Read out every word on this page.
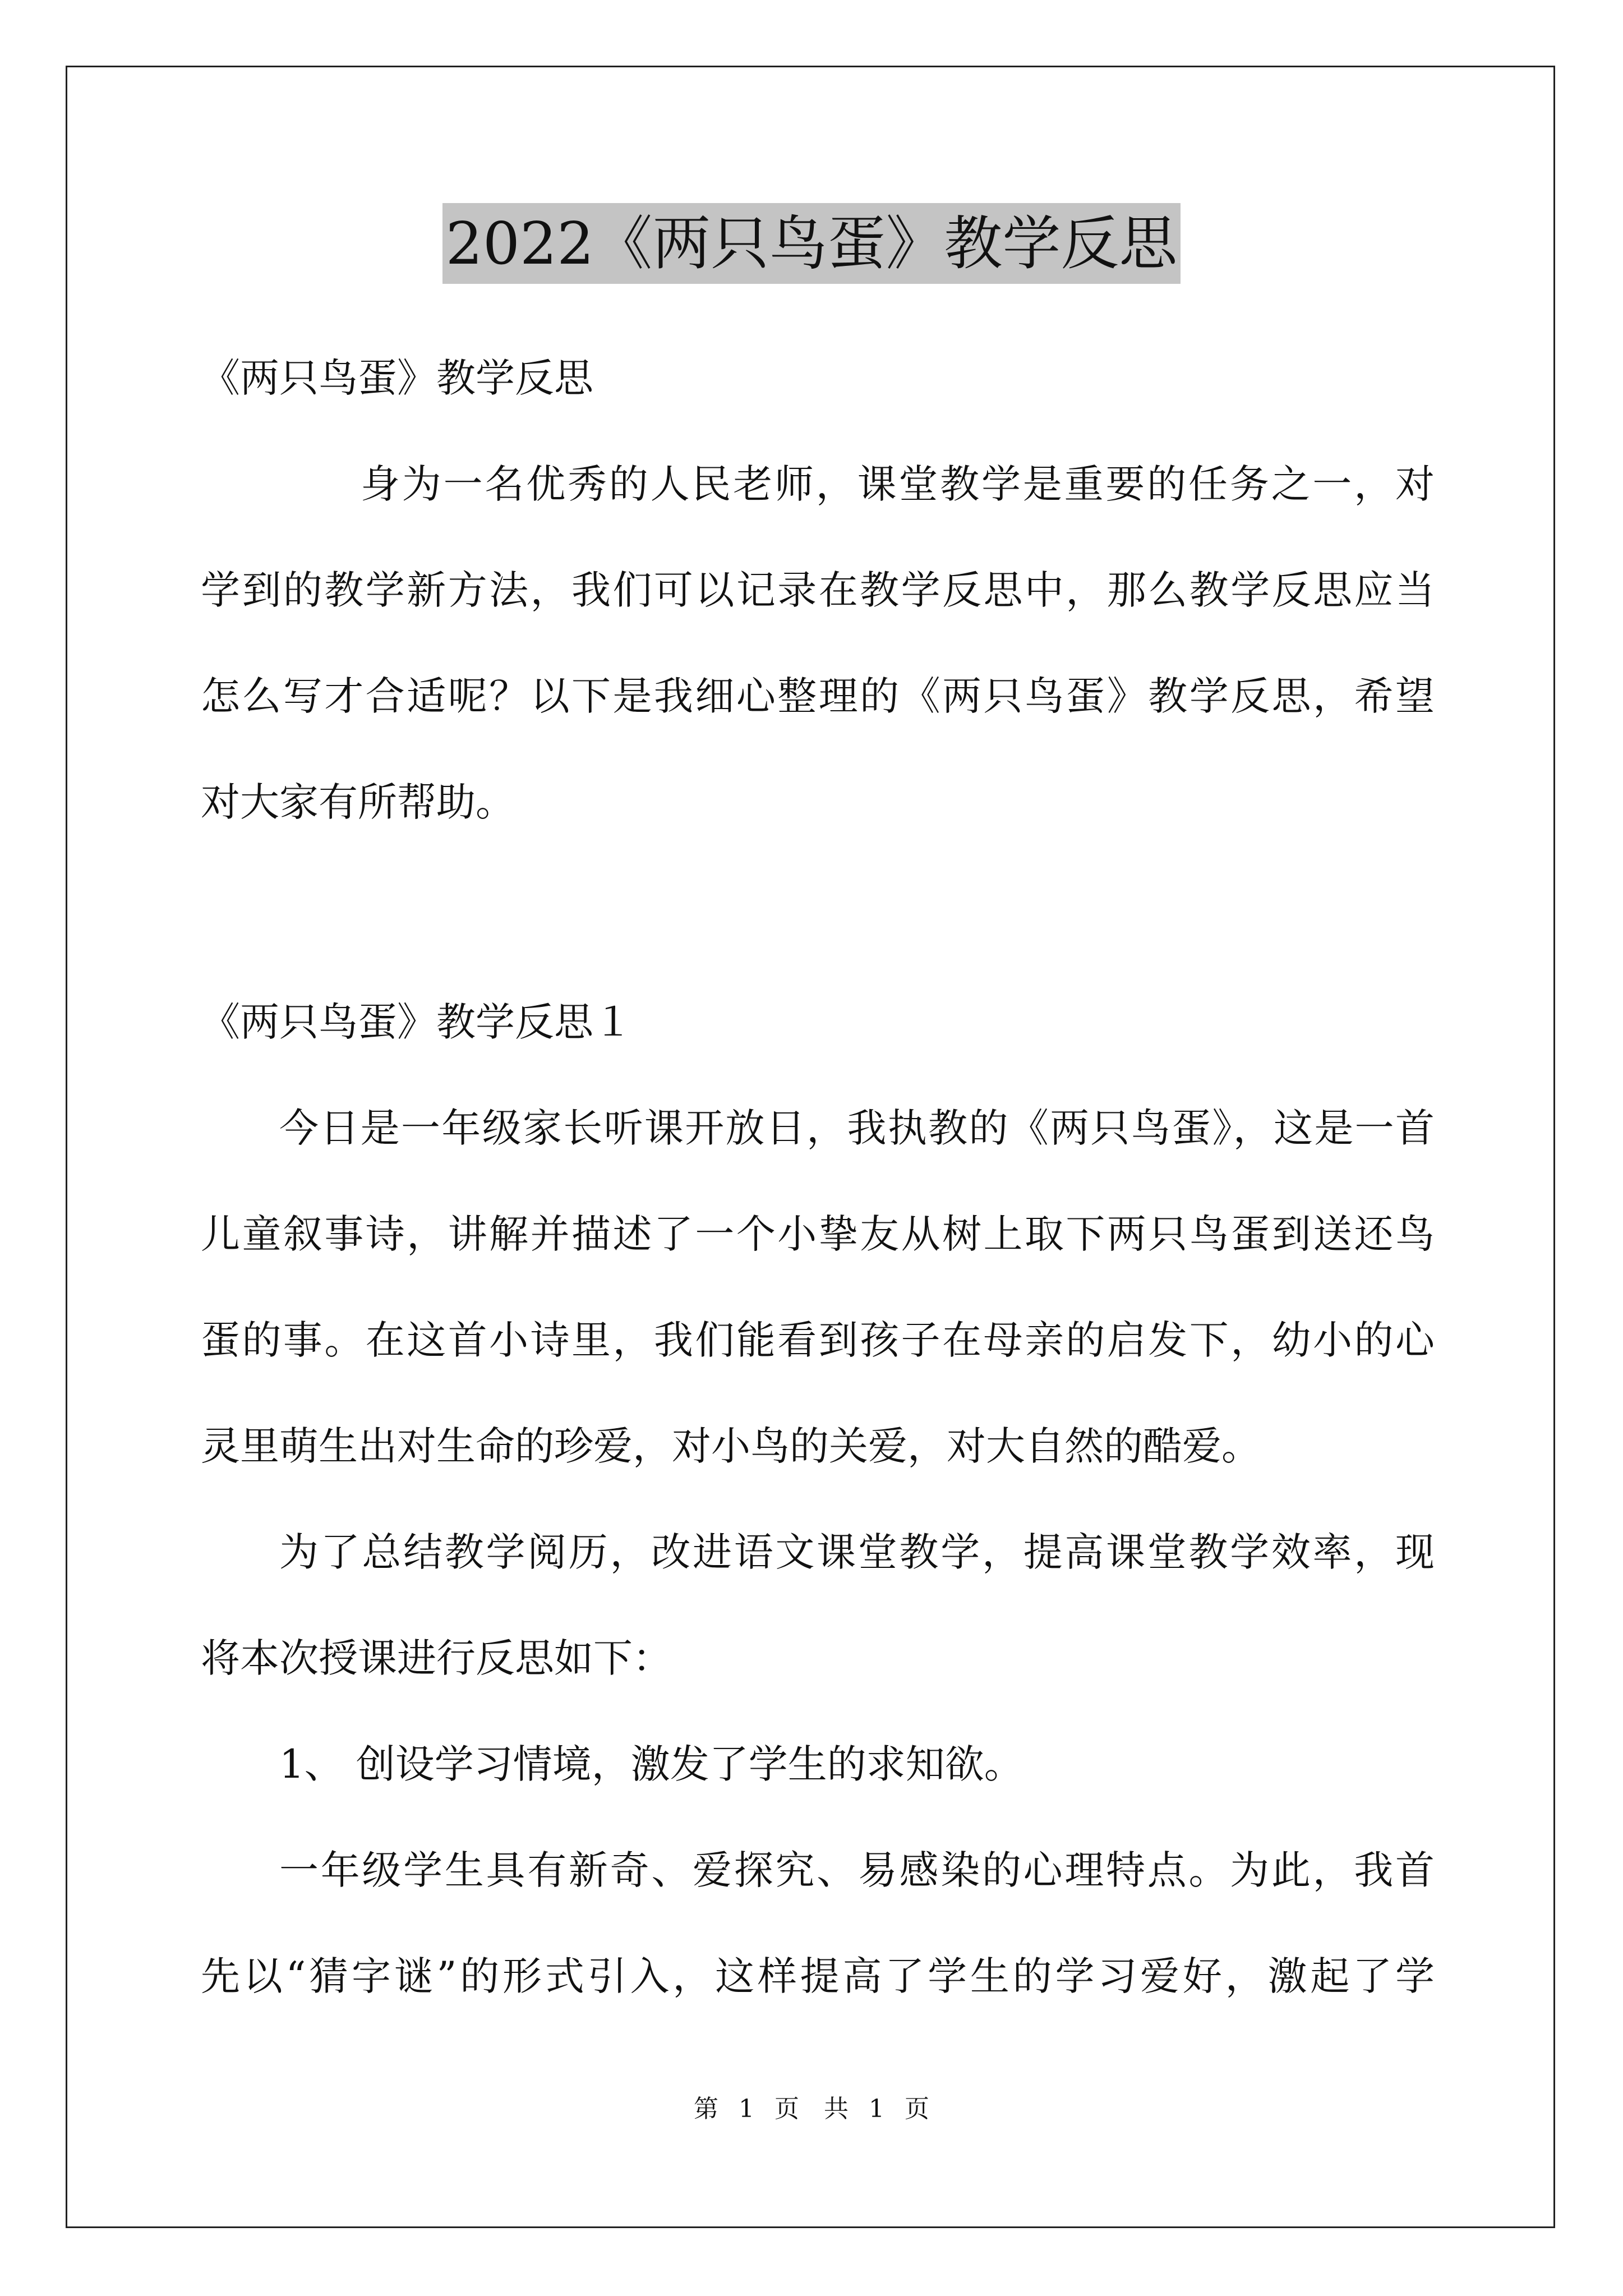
2022《两只鸟蛋》教学反思
《两只鸟蛋》教学反思
身为一名优秀的人民老师，课堂教学是重要的任务之一，对
学到的教学新方法，我们可以记录在教学反思中，那么教学反思应当
怎么写才合适呢？以下是我细心整理的《两只鸟蛋》教学反思，希望
对大家有所帮助。
《两只鸟蛋》教学反思１
今日是一年级家长听课开放日，我执教的《两只鸟蛋》，这是一首
儿童叙事诗，讲解并描述了一个小挚友从树上取下两只鸟蛋到送还鸟
蛋的事。在这首小诗里，我们能看到孩子在母亲的启发下，幼小的心
灵里萌生出对生命的珍爱，对小鸟的关爱，对大自然的酷爱。
为了总结教学阅历，改进语文课堂教学，提高课堂教学效率，现
将本次授课进行反思如下：
1、 创设学习情境，激发了学生的求知欲。
一年级学生具有新奇、爱探究、易感染的心理特点。为此，我首
先以“猜字谜”的形式引入，这样提高了学生的学习爱好，激起了学
第 1 页　共 1 页
